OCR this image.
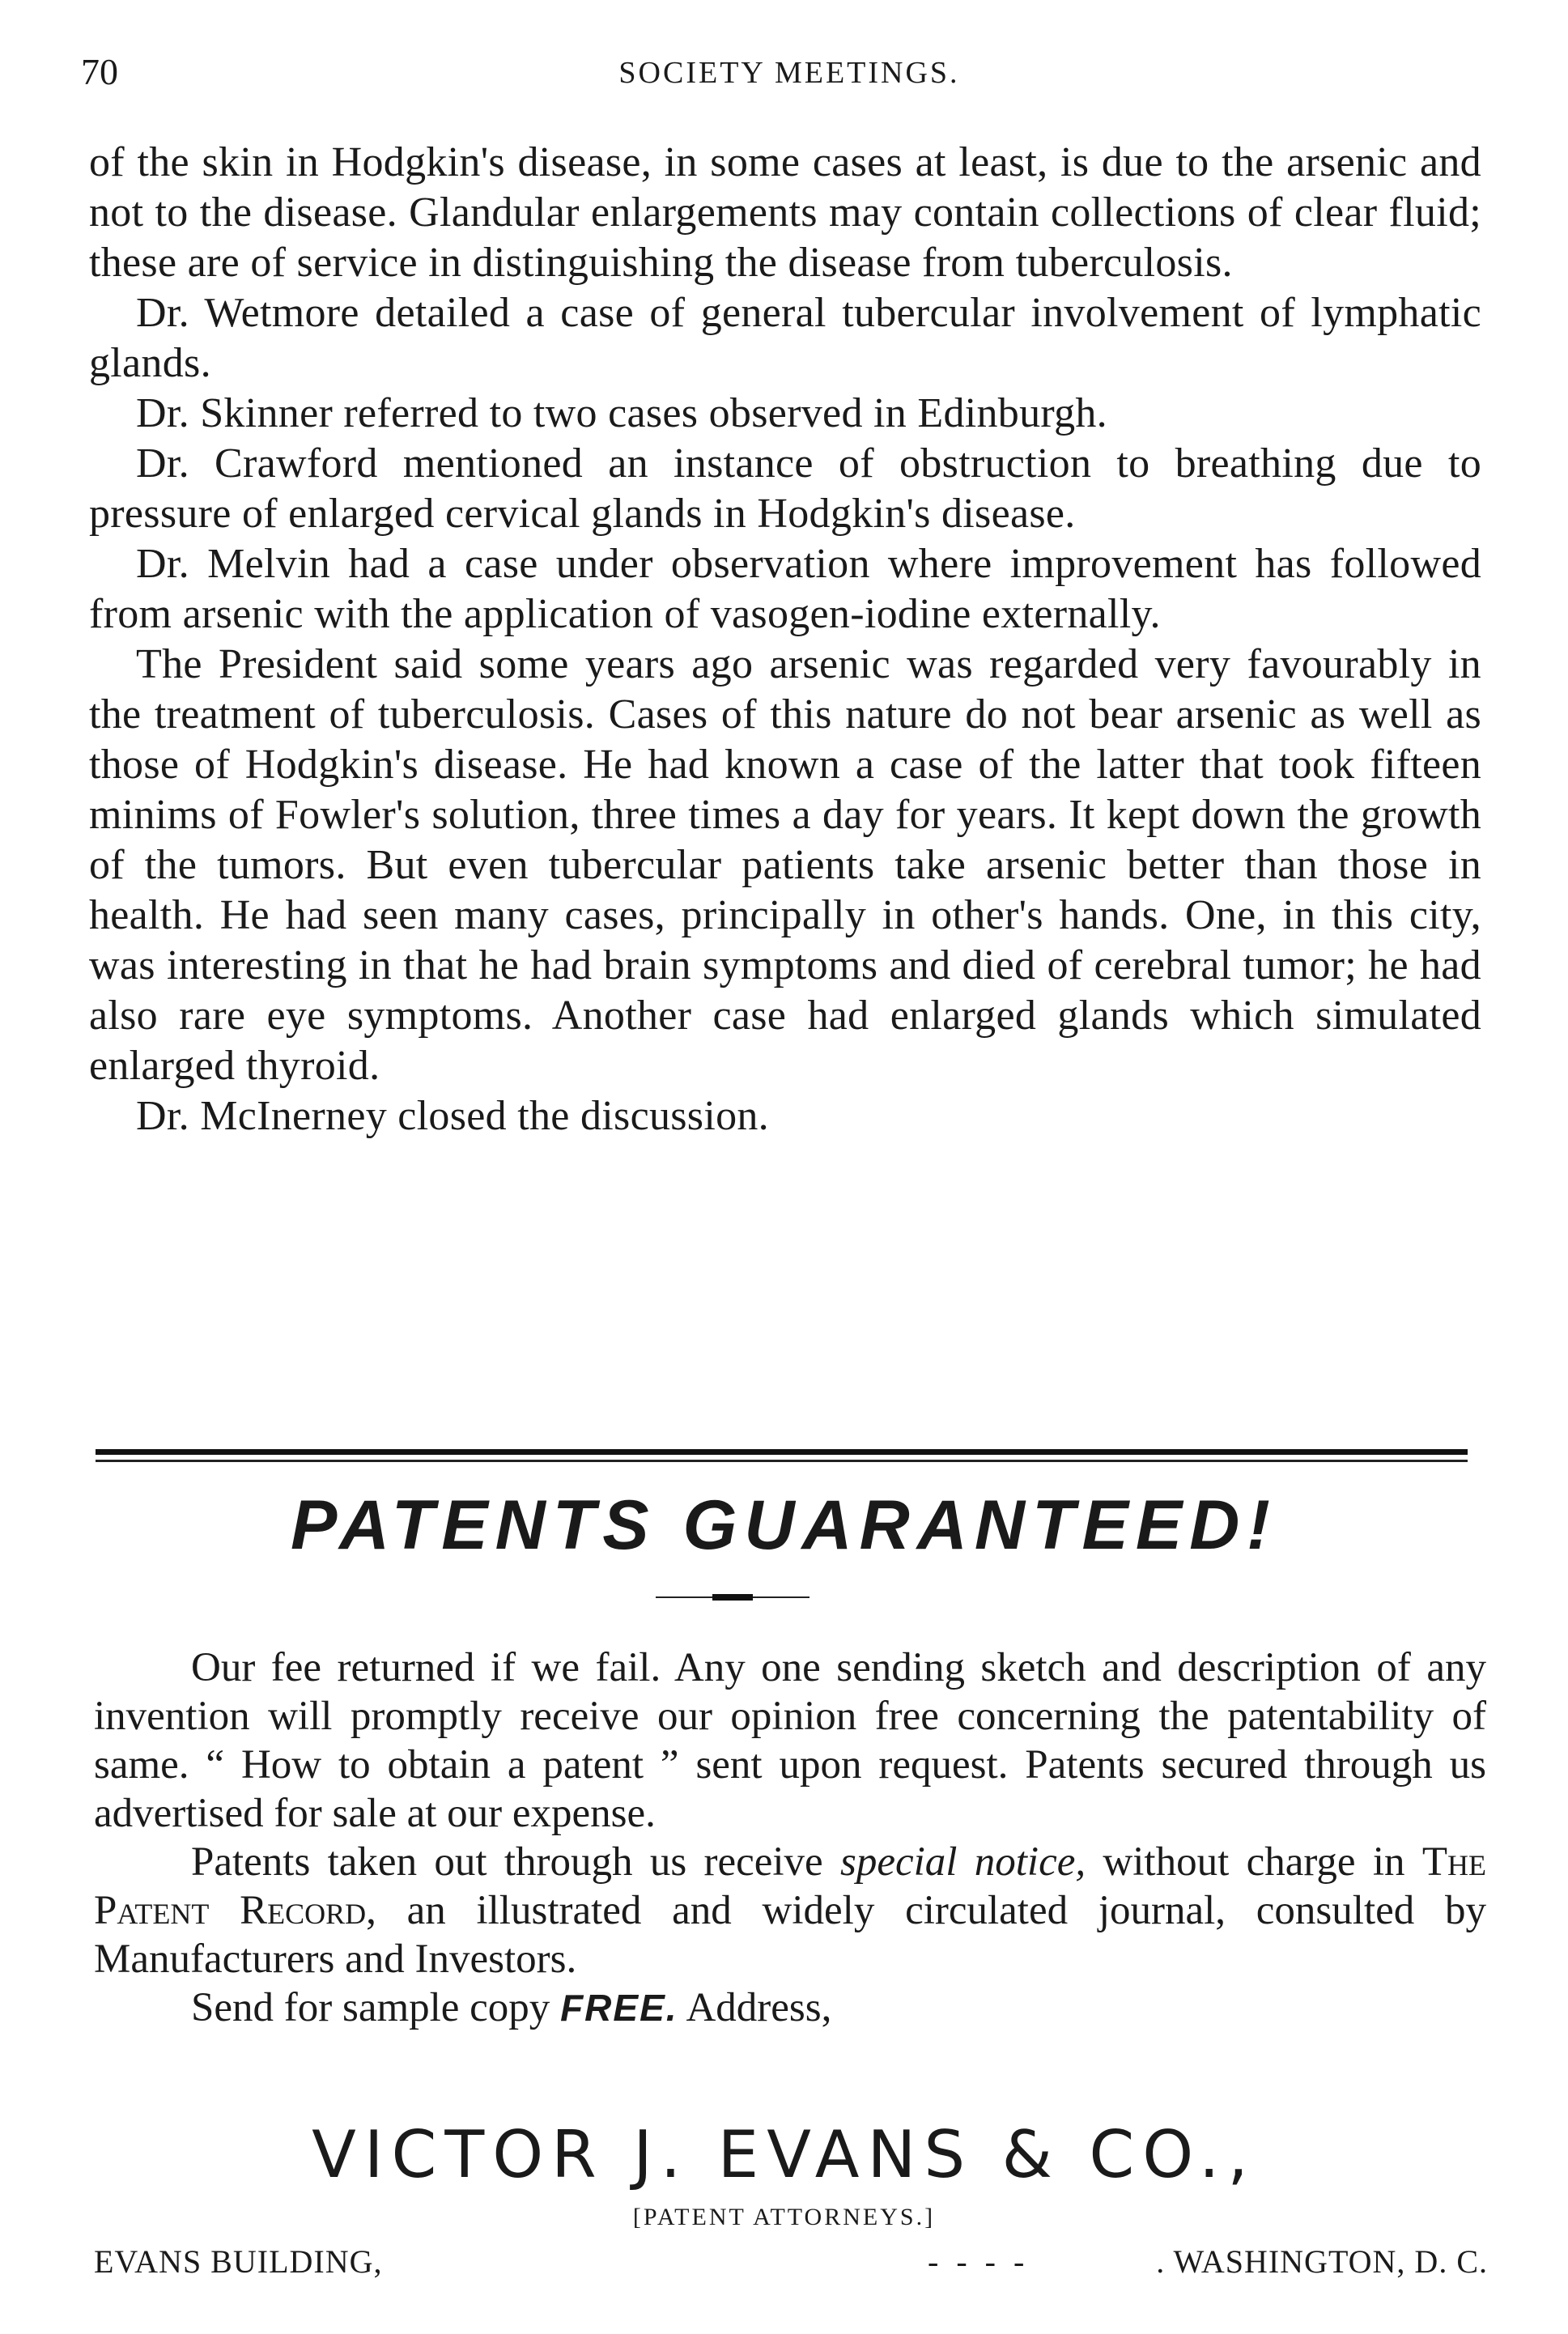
70	SOCIETY MEETINGS.

of the skin in Hodgkin's disease, in some cases at least, is due to the arsenic and not to the disease. Glandular enlargements may contain collections of clear fluid; these are of service in distinguishing the disease from tuberculosis.

Dr. Wetmore detailed a case of general tubercular involvement of lymphatic glands.

Dr. Skinner referred to two cases observed in Edinburgh.

Dr. Crawford mentioned an instance of obstruction to breathing due to pressure of enlarged cervical glands in Hodgkin's disease.

Dr. Melvin had a case under observation where improvement has followed from arsenic with the application of vasogen-iodine externally.

The President said some years ago arsenic was regarded very favourably in the treatment of tuberculosis. Cases of this nature do not bear arsenic as well as those of Hodgkin's disease. He had known a case of the latter that took fifteen minims of Fowler's solution, three times a day for years. It kept down the growth of the tumors. But even tubercular patients take arsenic better than those in health. He had seen many cases, principally in other's hands. One, in this city, was interesting in that he had brain symptoms and died of cerebral tumor; he had also rare eye symptoms. Another case had enlarged glands which simulated enlarged thyroid.

Dr. McInerney closed the discussion.

PATENTS GUARANTEED!

Our fee returned if we fail. Any one sending sketch and description of any invention will promptly receive our opinion free concerning the patentability of same. “ How to obtain a patent ” sent upon request. Patents secured through us advertised for sale at our expense.

Patents taken out through us receive special notice, without charge in The Patent Record, an illustrated and widely circulated journal, consulted by Manufacturers and Investors.

Send for sample copy FREE. Address,

VICTOR J. EVANS & CO.,
[PATENT ATTORNEYS.]
EVANS BUILDING,	- - - -	. WASHINGTON, D. C.
